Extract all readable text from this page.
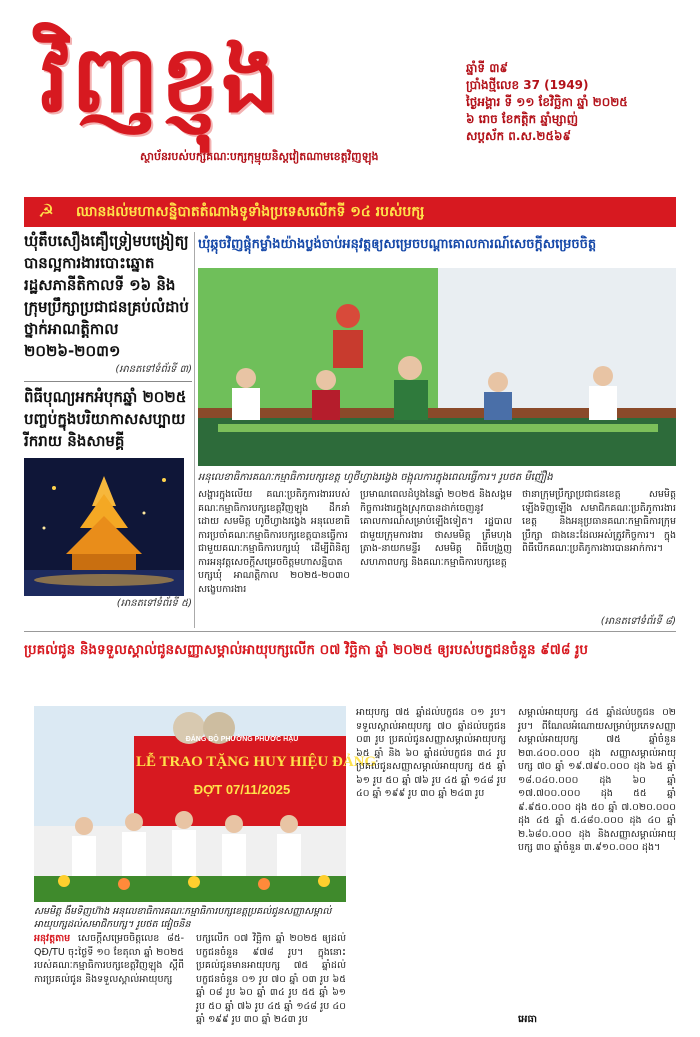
វិញខ្ញុង
ស្ថាប័នរបស់បក្សគណៈបក្សកុម្មុយនិស្តវៀតណាមខេត្តវិញឡុង
ឆ្នាំទី ៣៩
ប្រាំងថ្មីលេខ 37 (1949)
ថ្ងៃអង្គារ ទី ១១ ខែវិច្ឆិកា ឆ្នាំ ២០២៥
៦ រោច ខែកត្តិក ឆ្នាំម្សាញ់
សប្តស័ក ព.ស.២៥៦៩
☭	ឈានដល់មហាសន្និបាតតំណាងទូទាំងប្រទេសលើកទី ១៤ របស់បក្ស
ឃុំតឹបសឿងគឿទ្រៀមបង្រៀត្យបានល្អការងារបោះឆ្នោតរដ្ឋសភានីតិកាលទី ១៦ និងក្រុមប្រឹក្សាប្រជាជនគ្រប់លំដាប់ថ្នាក់អាណត្តិកាល ២០២៦-២០៣១
(អានតទៅទំព័រទី ៣)
ពិធីបុណ្យអកអំបុកឆ្នាំ ២០២៥ បញ្ចប់ក្នុងបរិយាកាសសប្បាយរីករាយ និងសាមគ្គី
(អានតទៅទំព័រទី ៥)
ឃុំឆ្កុចវិញផ្តុំកម្លាំងយ៉ាងប្លង់ចាប់អនុវត្តឲ្យសម្រេចបណ្តាគោលការណ៍សេចក្តីសម្រេចចិត្ត
អនុលេខាធិការគណៈកម្មាធិការបក្សខេត្ត ហូថីហ្វាងរង្វេង ចង្អុលការក្នុងពេលធ្វើការ។ រូបថត មីញ៉ឿង
សង្ហារក្នុងលើយ គណៈប្រតិភូការងាររបស់គណៈកម្មាធិការបក្សខេត្តវិញឡុង ដឹកនាំដោយ សមមិត្ត ហូថីហ្វាងរង្វេង អនុលេខាធិការប្រចាំគណៈកម្មាធិការបក្សខេត្តបានធ្វើការជាមួយគណៈកម្មាធិការបក្សឃុំ ដើម្បីពិនិត្យការអនុវត្តសេចក្តីសម្រេចចិត្តមហាសន្និបាតបក្សឃុំ អាណត្តិកាល ២០២៥-២០៣០ សង្ខេបការងារ
ប្រមាណពេលដំបូងនៃឆ្នាំ ២០២៥ និងសង្គមកិច្ចការងារក្នុងស្រុកបានដាក់ចេញនូវគោលការណ៍សម្រាប់ឡើងទៀត។ រដ្ឋបាលជាមួយក្រុមការងារ ថាសមមិត្ត ត្រឹមហុងត្រាង-នាយកមន្ទីរ សមមិត្ត ពិធីបង្រួញ សហភាពបក្ស និងគណៈកម្មាធិការបក្សខេត្ត
ថានាក្រុមប្រឹក្សាប្រជាជនខេត្ត សមមិត្ត ឡើងទិញឡើង សមាជិកគណៈប្រតិភូការងារខេត្ត និងអនុប្រធានគណៈកម្មាធិការក្រុមប្រឹក្សា ជាងនេះដែលអស់ត្រូវកិច្ចការ។ ក្នុងពិធីបើកគណៈប្រតិភូការងារបានអាក់ការ។
(អានតទៅទំព័រទី ៨)
ប្រគល់ជូន និងទទួលស្គាល់ជូនសញ្ញាសម្គាល់អាយុបក្សលើក ០៧ វិច្ឆិកា ឆ្នាំ ២០២៥ ឲ្យរបស់បក្ខជនចំនួន ៩៧៨ រូប
ĐẢNG BỘ PHƯỜNG PHƯỚC HẬU
LỄ TRAO TẶNG HUY HIỆU ĐẢNG
ĐỢT 07/11/2025
សមមិត្ត ងឹមទិញហ៊ាង អនុលេខាធិការគណៈកម្មាធិការបក្សខេត្តប្រគល់ជូនសញ្ញាសម្គាល់អាយុបក្សដល់សមាជិកបក្ស។ រូបថត ផៀចនិន
អនុវត្តតាម សេចក្តីសម្រេចចិត្តលេខ ៨៥-QĐ/TU ចុះថ្ងៃទី ១០ ខែតុលា ឆ្នាំ ២០២៥ របស់គណៈកម្មាធិការបក្សខេត្តវិញឡុង ស្តីពីការប្រគល់ជូន និងទទួលស្គាល់អាយុបក្ស
បក្សលើក ០៧ វិច្ឆិកា ឆ្នាំ ២០២៥ ឲ្យដល់បក្ខជនចំនួន ៩៧៨ រូប។ ក្នុងនោះ ប្រគល់ជូនមានអាយុបក្ស ៧៥ ឆ្នាំដល់បក្ខជនចំនួន ០១ រូប ៧០ ឆ្នាំ ០៣ រូប ៦៥ ឆ្នាំ ០៨ រូប ៦០ ឆ្នាំ ៣៤ រូប ៥៥ ឆ្នាំ ៦១ រូប ៥០ ឆ្នាំ ៧៦ រូប ៤៥ ឆ្នាំ ១៤៨ រូប ៤០ ឆ្នាំ ១៩៩ រូប ៣០ ឆ្នាំ ២៤៣ រូប
អាយុបក្ស ៧៥ ឆ្នាំដល់បក្ខជន ០១ រូប។ ទទួលស្គាល់អាយុបក្ស ៧០ ឆ្នាំដល់បក្ខជន ០៣ រូប ប្រគល់ជូនសញ្ញាសម្គាល់អាយុបក្ស ៦៥ ឆ្នាំ និង ៦០ ឆ្នាំដល់បក្ខជន ៣៤ រូប ប្រគល់ជូនសញ្ញាសម្គាល់អាយុបក្ស ៥៥ ឆ្នាំ ៦១ រូប ៥០ ឆ្នាំ ៧៦ រូប ៤៥ ឆ្នាំ ១៤៨ រូប ៤០ ឆ្នាំ ១៩៩ រូប ៣០ ឆ្នាំ ២៤៣ រូប
សម្គាល់អាយុបក្ស ៤៥ ឆ្នាំដល់បក្ខជន ០២ រូប។ ពីណែលអំណោយសម្រាប់ប្រភេទសញ្ញាសម្គាល់អាយុបក្ស ៧៥ ឆ្នាំចំនួន ២៣.៤០០.០០០ ដុង សញ្ញាសម្គាល់អាយុបក្ស ៧០ ឆ្នាំ ១៩.៧៩០.០០០ ដុង ៦៥ ឆ្នាំ ១៨.០៤០.០០០ ដុង ៦០ ឆ្នាំ ១៧.៧០០.០០០ ដុង ៥៥ ឆ្នាំ ៩.៩៥០.០០០ ដុង ៥០ ឆ្នាំ ៧.០២០.០០០ ដុង ៤៥ ឆ្នាំ ៥.៤៨០.០០០ ដុង ៤០ ឆ្នាំ ២.៦៨០.០០០ ដុង និងសញ្ញាសម្គាល់អាយុបក្ស ៣០ ឆ្នាំចំនួន ៣.៩១០.០០០ ដុង។
អេធា
